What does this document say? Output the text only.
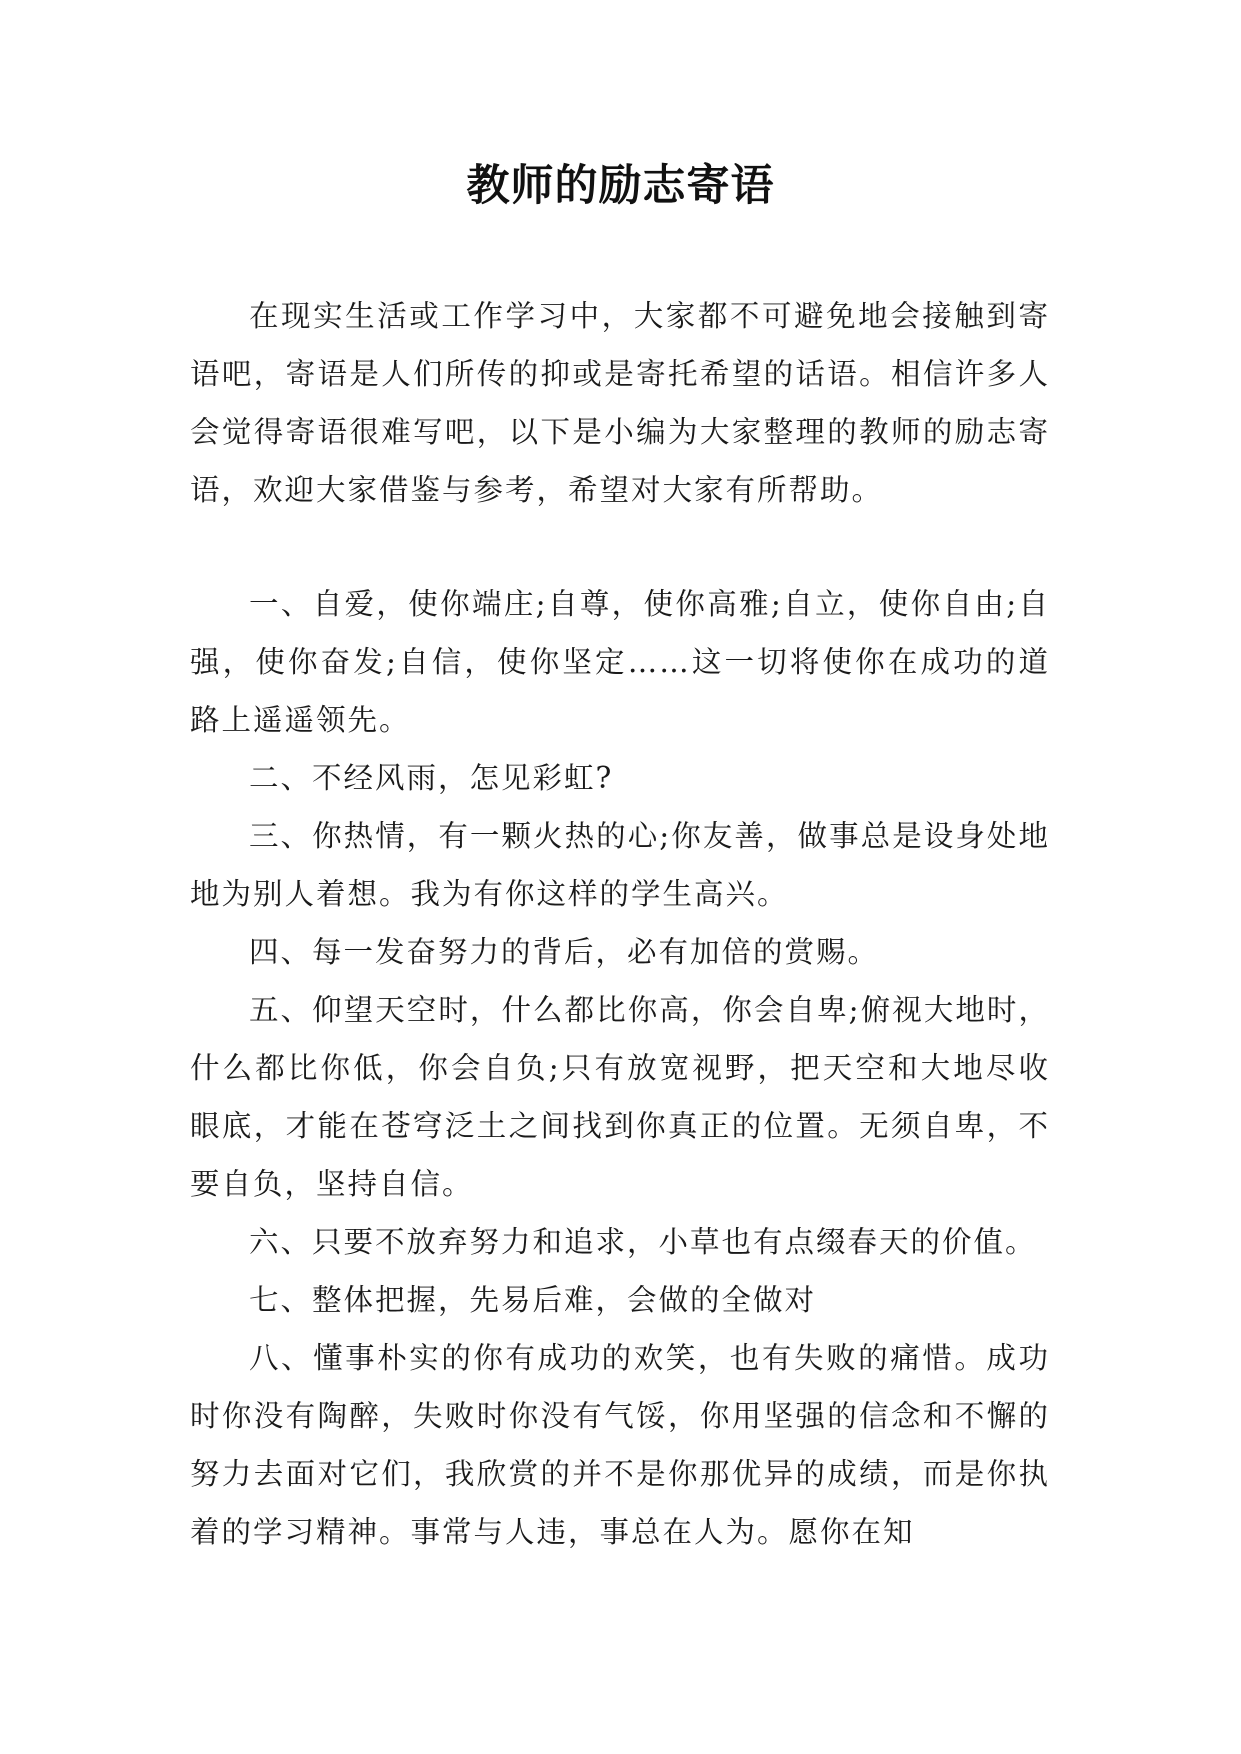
教师的励志寄语

在现实生活或工作学习中，大家都不可避免地会接触到寄语吧，寄语是人们所传的抑或是寄托希望的话语。相信许多人会觉得寄语很难写吧，以下是小编为大家整理的教师的励志寄语，欢迎大家借鉴与参考，希望对大家有所帮助。

一、自爱，使你端庄;自尊，使你高雅;自立，使你自由;自强，使你奋发;自信，使你坚定……这一切将使你在成功的道路上遥遥领先。

二、不经风雨，怎见彩虹?

三、你热情，有一颗火热的心;你友善，做事总是设身处地地为别人着想。我为有你这样的学生高兴。

四、每一发奋努力的背后，必有加倍的赏赐。

五、仰望天空时，什么都比你高，你会自卑;俯视大地时，什么都比你低，你会自负;只有放宽视野，把天空和大地尽收眼底，才能在苍穹泛土之间找到你真正的位置。无须自卑，不要自负，坚持自信。

六、只要不放弃努力和追求，小草也有点缀春天的价值。

七、整体把握，先易后难，会做的全做对

八、懂事朴实的你有成功的欢笑，也有失败的痛惜。成功时你没有陶醉，失败时你没有气馁，你用坚强的信念和不懈的努力去面对它们，我欣赏的并不是你那优异的成绩，而是你执着的学习精神。事常与人违，事总在人为。愿你在知
